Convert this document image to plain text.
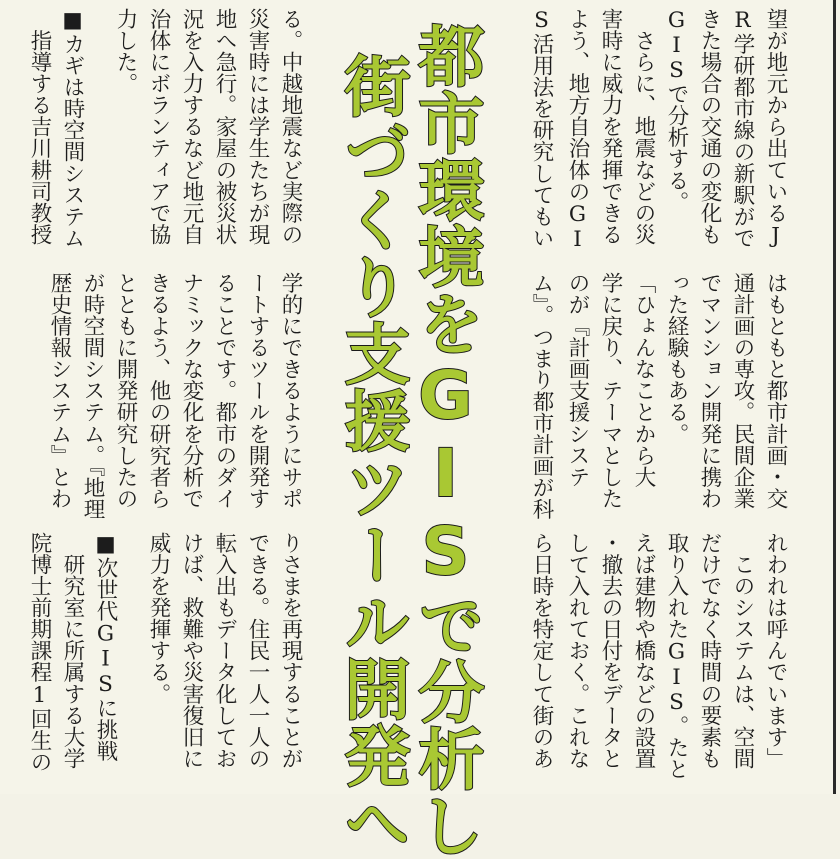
都市環境をGISで分析し
街づくり支援ツール開発へ	望が地元から出ているJ
R学研都市線の新駅がで
きた場合の交通の変化も
GISで分析する。
　さらに、地震などの災
害時に威力を発揮できる
よう、地方自治体のGI
S活用法を研究してもい
る。中越地震など実際の
災害時には学生たちが現
地へ急行。家屋の被災状
況を入力するなど地元自
治体にボランティアで協
力した。
■カギは時空間システム
　指導する吉川耕司教授
はもともと都市計画・交
通計画の専攻。民間企業
でマンション開発に携わ
った経験もある。
「ひょんなことから大
学に戻り、テーマとした
のが『計画支援システ
ム』。つまり都市計画が科
学的にできるようにサポ
ートするツールを開発す
ることです。都市のダイ
ナミックな変化を分析で
きるよう、他の研究者ら
とともに開発研究したの
が時空間システム。『地理
歴史情報システム』とわ
れわれは呼んでいます」
　このシステムは、空間
だけでなく時間の要素も
取り入れたGIS。たと
えば建物や橋などの設置
・撤去の日付をデータと
して入れておく。これな
ら日時を特定して街のあ
りさまを再現することが
できる。住民一人一人の
転入出もデータ化してお
けば、救難や災害復旧に
威力を発揮する。
■次世代GISに挑戦
　研究室に所属する大学
院博士前期課程1回生の
